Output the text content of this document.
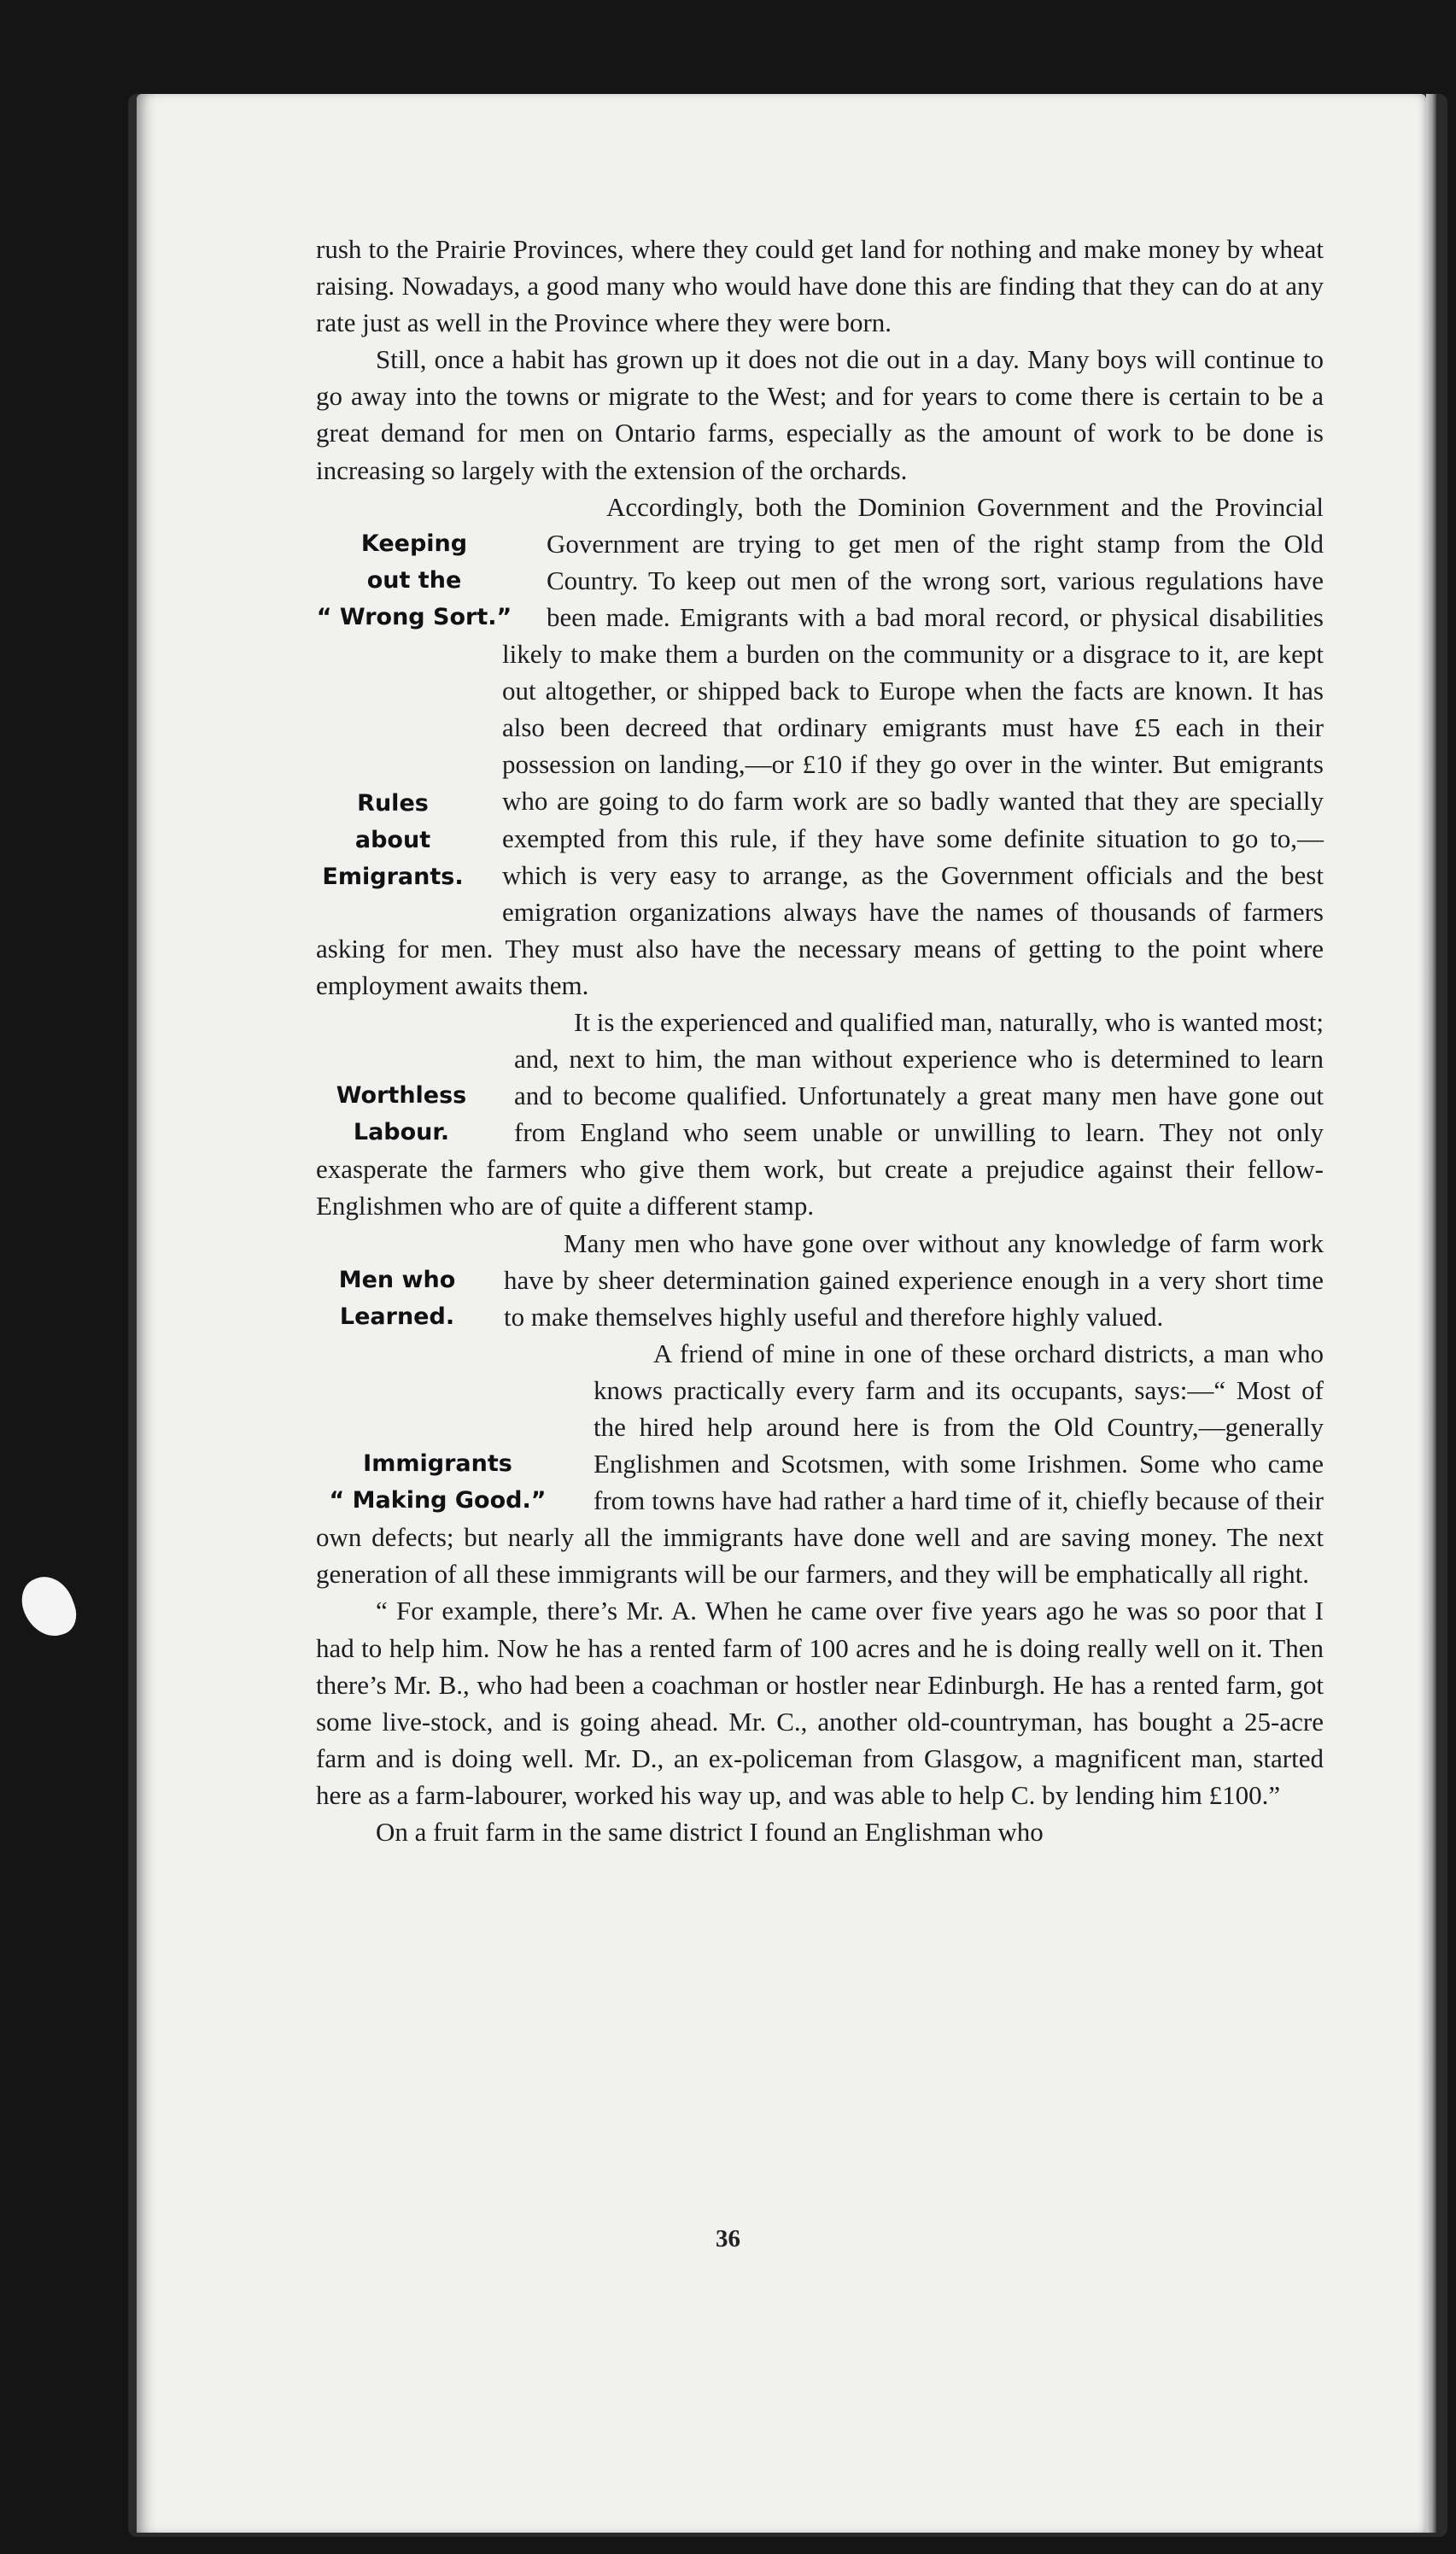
rush to the Prairie Provinces, where they could get land for nothing and make money by wheat raising. Nowadays, a good many who would have done this are finding that they can do at any rate just as well in the Province where they were born.

Still, once a habit has grown up it does not die out in a day. Many boys will continue to go away into the towns or migrate to the West; and for years to come there is certain to be a great demand for men on Ontario farms, especially as the amount of work to be done is increasing so largely with the extension of the orchards.

Keeping
out the
“ Wrong Sort.”
Rules
about
Emigrants.

Accordingly, both the Dominion Government and the Provincial Government are trying to get men of the right stamp from the Old Country. To keep out men of the wrong sort, various regulations have been made. Emigrants with a bad moral record, or physical disabilities likely to make them a burden on the community or a disgrace to it, are kept out altogether, or shipped back to Europe when the facts are known. It has also been decreed that ordinary emigrants must have £5 each in their possession on landing,—or £10 if they go over in the winter. But emigrants who are going to do farm work are so badly wanted that they are specially exempted from this rule, if they have some definite situation to go to,—which is very easy to arrange, as the Government officials and the best emigration organizations always have the names of thousands of farmers asking for men. They must also have the necessary means of getting to the point where employment awaits them.

Worthless
Labour.

It is the experienced and qualified man, naturally, who is wanted most; and, next to him, the man without experience who is determined to learn and to become qualified. Unfortunately a great many men have gone out from England who seem unable or unwilling to learn. They not only exasperate the farmers who give them work, but create a prejudice against their fellow-Englishmen who are of quite a different stamp.

Men who
Learned.

Many men who have gone over without any knowledge of farm work have by sheer determination gained experience enough in a very short time to make themselves highly useful and therefore highly valued.

Immigrants
“ Making Good.”

A friend of mine in one of these orchard districts, a man who knows practically every farm and its occupants, says:—“ Most of the hired help around here is from the Old Country,—generally Englishmen and Scotsmen, with some Irishmen. Some who came from towns have had rather a hard time of it, chiefly because of their own defects; but nearly all the immigrants have done well and are saving money. The next generation of all these immigrants will be our farmers, and they will be emphatically all right.

“ For example, there’s Mr. A. When he came over five years ago he was so poor that I had to help him. Now he has a rented farm of 100 acres and he is doing really well on it. Then there’s Mr. B., who had been a coachman or hostler near Edinburgh. He has a rented farm, got some live-stock, and is going ahead. Mr. C., another old-countryman, has bought a 25-acre farm and is doing well. Mr. D., an ex-policeman from Glasgow, a magnificent man, started here as a farm-labourer, worked his way up, and was able to help C. by lending him £100.”

On a fruit farm in the same district I found an Englishman who

36
